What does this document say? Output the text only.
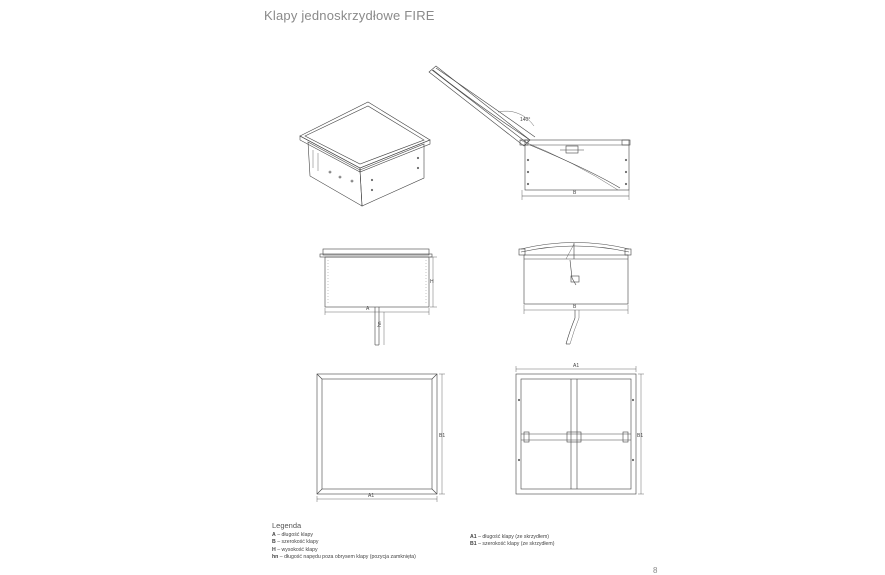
Klapy jednoskrzydłowe FIRE
140°
B
A
H
hn
B
A1
B1
A1
B1
Legenda
A – długość klapy
B – szerokość klapy
H – wysokość klapy
hn – długość napędu poza obrysem klapy (pozycja zamknięta)
A1 – długość klapy (ze skrzydłem)
B1 – szerokość klapy (ze skrzydłem)
8
